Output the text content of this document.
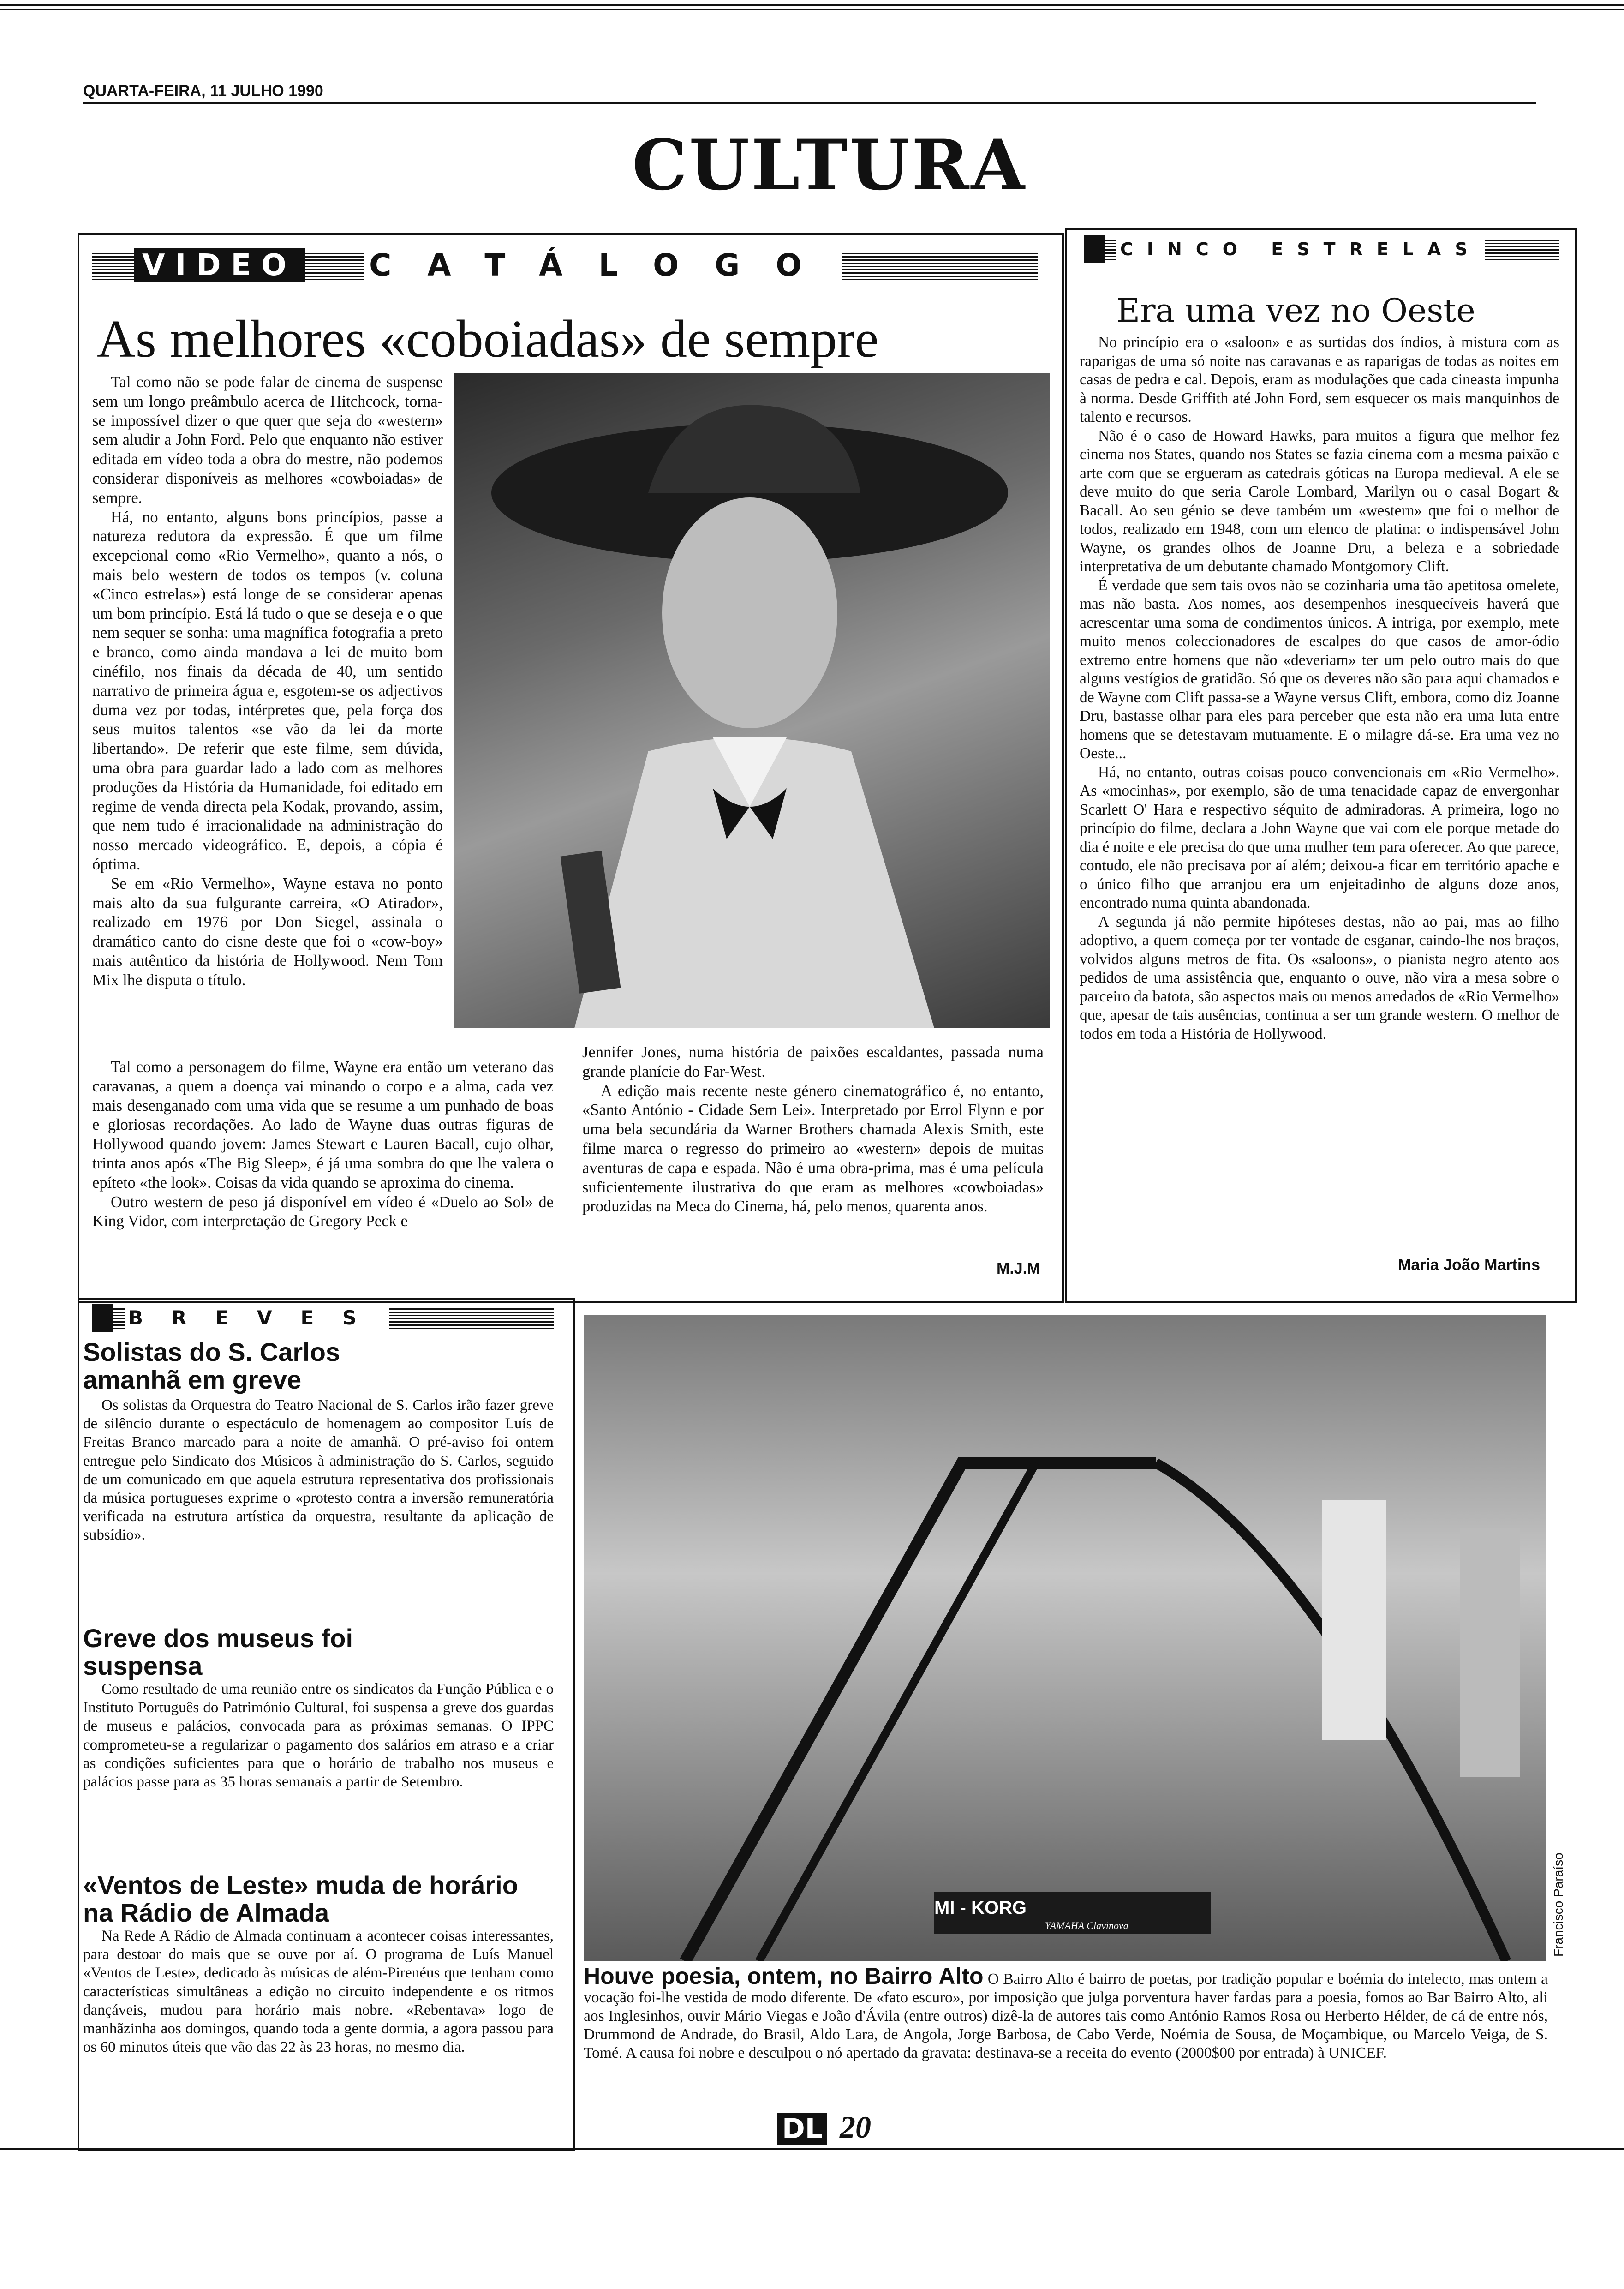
QUARTA-FEIRA, 11 JULHO 1990
CULTURA
VIDEO CATÁLOGO
As melhores «coboiadas» de sempre

Tal como não se pode falar de cinema de suspense sem um longo preâmbulo acerca de Hitchcock, torna-se impossível dizer o que quer que seja do «western» sem aludir a John Ford. Pelo que enquanto não estiver editada em vídeo toda a obra do mestre, não podemos considerar disponíveis as melhores «cowboiadas» de sempre.

Há, no entanto, alguns bons princípios, passe a natureza redutora da expressão. É que um filme excepcional como «Rio Vermelho», quanto a nós, o mais belo western de todos os tempos (v. coluna «Cinco estrelas») está longe de se considerar apenas um bom princípio. Está lá tudo o que se deseja e o que nem sequer se sonha: uma magnífica fotografia a preto e branco, como ainda mandava a lei de muito bom cinéfilo, nos finais da década de 40, um sentido narrativo de primeira água e, esgotem-se os adjectivos duma vez por todas, intérpretes que, pela força dos seus muitos talentos «se vão da lei da morte libertando». De referir que este filme, sem dúvida, uma obra para guardar lado a lado com as melhores produções da História da Humanidade, foi editado em regime de venda directa pela Kodak, provando, assim, que nem tudo é irracionalidade na administração do nosso mercado videográfico. E, depois, a cópia é óptima.

Se em «Rio Vermelho», Wayne estava no ponto mais alto da sua fulgurante carreira, «O Atirador», realizado em 1976 por Don Siegel, assinala o dramático canto do cisne deste que foi o «cow-boy» mais autêntico da história de Hollywood. Nem Tom Mix lhe disputa o título.

Tal como a personagem do filme, Wayne era então um veterano das caravanas, a quem a doença vai minando o corpo e a alma, cada vez mais desenganado com uma vida que se resume a um punhado de boas e gloriosas recordações. Ao lado de Wayne duas outras figuras de Hollywood quando jovem: James Stewart e Lauren Bacall, cujo olhar, trinta anos após «The Big Sleep», é já uma sombra do que lhe valera o epíteto «the look». Coisas da vida quando se aproxima do cinema.

Outro western de peso já disponível em vídeo é «Duelo ao Sol» de King Vidor, com interpretação de Gregory Peck e

Jennifer Jones, numa história de paixões escaldantes, passada numa grande planície do Far-West.

A edição mais recente neste género cinematográfico é, no entanto, «Santo António - Cidade Sem Lei». Interpretado por Errol Flynn e por uma bela secundária da Warner Brothers chamada Alexis Smith, este filme marca o regresso do primeiro ao «western» depois de muitas aventuras de capa e espada. Não é uma obra-prima, mas é uma película suficientemente ilustrativa do que eram as melhores «cowboiadas» produzidas na Meca do Cinema, há, pelo menos, quarenta anos.

M.J.M
CINCO ESTRELAS
Era uma vez no Oeste

No princípio era o «saloon» e as surtidas dos índios, à mistura com as raparigas de uma só noite nas caravanas e as raparigas de todas as noites em casas de pedra e cal. Depois, eram as modulações que cada cineasta impunha à norma. Desde Griffith até John Ford, sem esquecer os mais manquinhos de talento e recursos.

Não é o caso de Howard Hawks, para muitos a figura que melhor fez cinema nos States, quando nos States se fazia cinema com a mesma paixão e arte com que se ergueram as catedrais góticas na Europa medieval. A ele se deve muito do que seria Carole Lombard, Marilyn ou o casal Bogart & Bacall. Ao seu génio se deve também um «western» que foi o melhor de todos, realizado em 1948, com um elenco de platina: o indispensável John Wayne, os grandes olhos de Joanne Dru, a beleza e a sobriedade interpretativa de um debutante chamado Montgomory Clift.

É verdade que sem tais ovos não se cozinharia uma tão apetitosa omelete, mas não basta. Aos nomes, aos desempenhos inesquecíveis haverá que acrescentar uma soma de condimentos únicos. A intriga, por exemplo, mete muito menos coleccionadores de escalpes do que casos de amor-ódio extremo entre homens que não «deveriam» ter um pelo outro mais do que alguns vestígios de gratidão. Só que os deveres não são para aqui chamados e de Wayne com Clift passa-se a Wayne versus Clift, embora, como diz Joanne Dru, bastasse olhar para eles para perceber que esta não era uma luta entre homens que se detestavam mutuamente. E o milagre dá-se. Era uma vez no Oeste...

Há, no entanto, outras coisas pouco convencionais em «Rio Vermelho». As «mocinhas», por exemplo, são de uma tenacidade capaz de envergonhar Scarlett O' Hara e respectivo séquito de admiradoras. A primeira, logo no princípio do filme, declara a John Wayne que vai com ele porque metade do dia é noite e ele precisa do que uma mulher tem para oferecer. Ao que parece, contudo, ele não precisava por aí além; deixou-a ficar em território apache e o único filho que arranjou era um enjeitadinho de alguns doze anos, encontrado numa quinta abandonada.

A segunda já não permite hipóteses destas, não ao pai, mas ao filho adoptivo, a quem começa por ter vontade de esganar, caindo-lhe nos braços, volvidos alguns metros de fita. Os «saloons», o pianista negro atento aos pedidos de uma assistência que, enquanto o ouve, não vira a mesa sobre o parceiro da batota, são aspectos mais ou menos arredados de «Rio Vermelho» que, apesar de tais ausências, continua a ser um grande western. O melhor de todos em toda a História de Hollywood.

Maria João Martins
BREVES
Solistas do S. Carlos amanhã em greve
Os solistas da Orquestra do Teatro Nacional de S. Carlos irão fazer greve de silêncio durante o espectáculo de homenagem ao compositor Luís de Freitas Branco marcado para a noite de amanhã. O pré-aviso foi ontem entregue pelo Sindicato dos Músicos à administração do S. Carlos, seguido de um comunicado em que aquela estrutura representativa dos profissionais da música portugueses exprime o «protesto contra a inversão remuneratória verificada na estrutura artística da orquestra, resultante da aplicação de subsídio».
Greve dos museus foi suspensa
Como resultado de uma reunião entre os sindicatos da Função Pública e o Instituto Português do Património Cultural, foi suspensa a greve dos guardas de museus e palácios, convocada para as próximas semanas. O IPPC comprometeu-se a regularizar o pagamento dos salários em atraso e a criar as condições suficientes para que o horário de trabalho nos museus e palácios passe para as 35 horas semanais a partir de Setembro.
«Ventos de Leste» muda de horário na Rádio de Almada
Na Rede A Rádio de Almada continuam a acontecer coisas interessantes, para destoar do mais que se ouve por aí. O programa de Luís Manuel «Ventos de Leste», dedicado às músicas de além-Pirenéus que tenham como características simultâneas a edição no circuito independente e os ritmos dançáveis, mudou para horário mais nobre. «Rebentava» logo de manhãzinha aos domingos, quando toda a gente dormia, a agora passou para os 60 minutos úteis que vão das 22 às 23 horas, no mesmo dia.
MI - KORG
YAMAHA Clavinova	Francisco Paraíso
Houve poesia, ontem, no Bairro Alto O Bairro Alto é bairro de poetas, por tradição popular e boémia do intelecto, mas ontem a vocação foi-lhe vestida de modo diferente. De «fato escuro», por imposição que julga porventura haver fardas para a poesia, fomos ao Bar Bairro Alto, ali aos Inglesinhos, ouvir Mário Viegas e João d'Ávila (entre outros) dizê-la de autores tais como António Ramos Rosa ou Herberto Hélder, de cá de entre nós, Drummond de Andrade, do Brasil, Aldo Lara, de Angola, Jorge Barbosa, de Cabo Verde, Noémia de Sousa, de Moçambique, ou Marcelo Veiga, de S. Tomé. A causa foi nobre e desculpou o nó apertado da gravata: destinava-se a receita do evento (2000$00 por entrada) à UNICEF.
DL 20
